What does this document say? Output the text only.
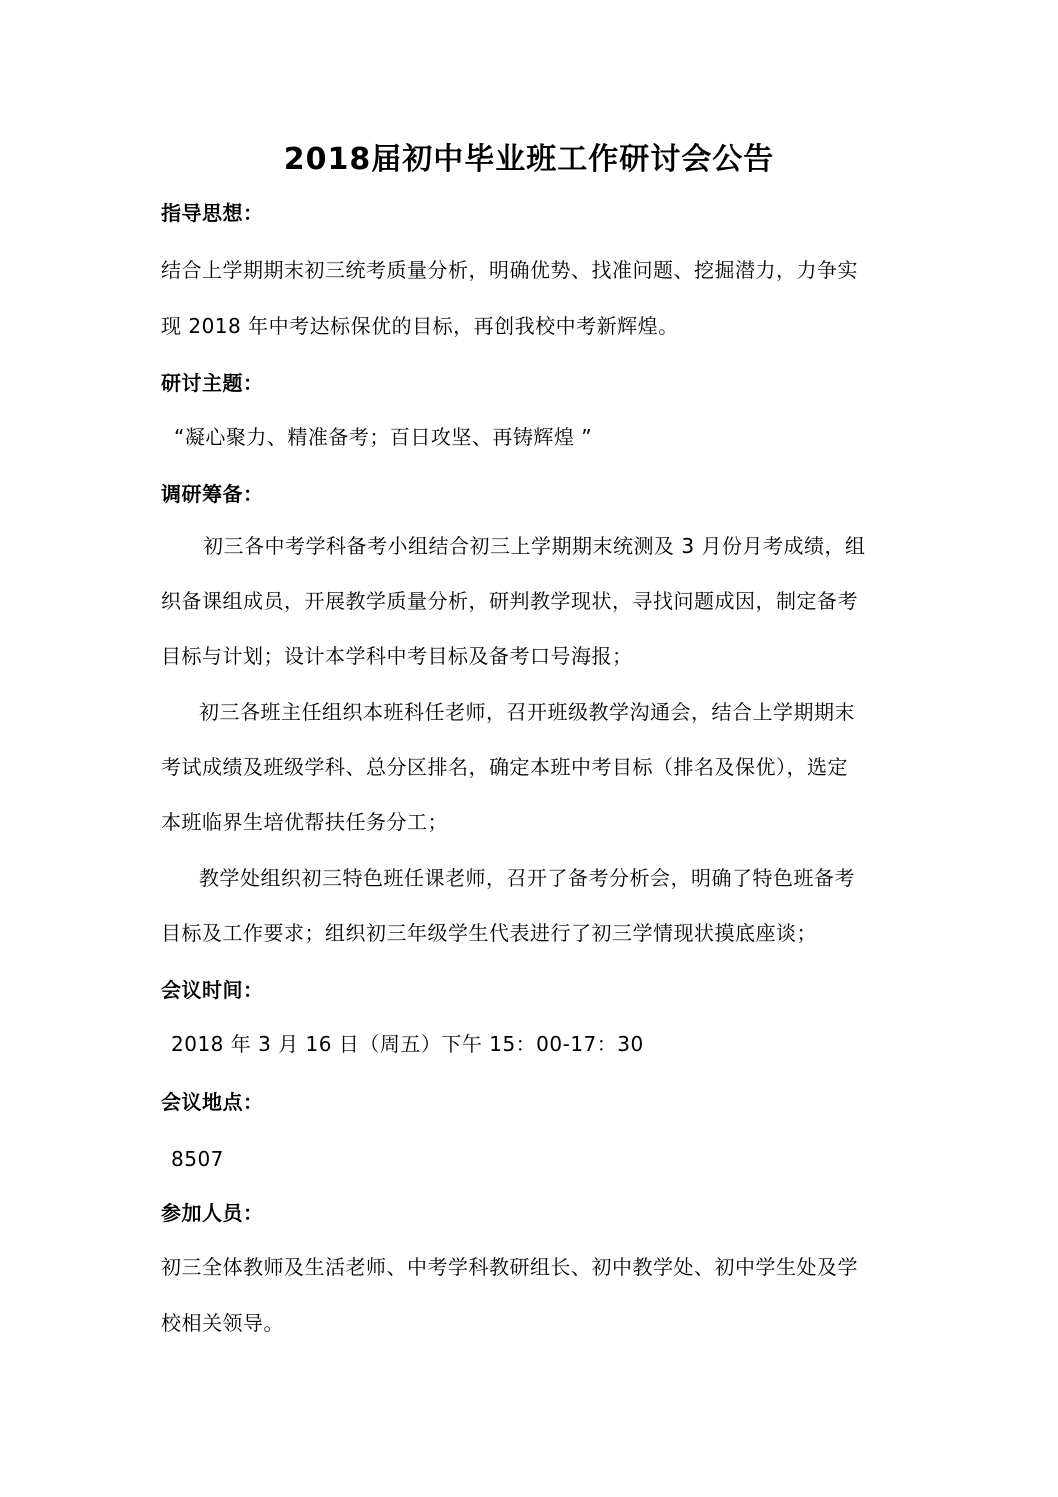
2018届初中毕业班工作研讨会公告
指导思想：
结合上学期期末初三统考质量分析，明确优势、找准问题、挖掘潜力，力争实
现 2018 年中考达标保优的目标，再创我校中考新辉煌。
研讨主题：
“凝心聚力、精准备考；百日攻坚、再铸辉煌 ”
调研筹备：
初三各中考学科备考小组结合初三上学期期末统测及 3 月份月考成绩，组
织备课组成员，开展教学质量分析，研判教学现状，寻找问题成因，制定备考
目标与计划；设计本学科中考目标及备考口号海报；
初三各班主任组织本班科任老师，召开班级教学沟通会，结合上学期期末
考试成绩及班级学科、总分区排名，确定本班中考目标（排名及保优），选定
本班临界生培优帮扶任务分工；
教学处组织初三特色班任课老师，召开了备考分析会，明确了特色班备考
目标及工作要求；组织初三年级学生代表进行了初三学情现状摸底座谈；
会议时间：
2018 年 3 月 16 日（周五）下午 15：00-17：30
会议地点：
8507
参加人员：
初三全体教师及生活老师、中考学科教研组长、初中教学处、初中学生处及学
校相关领导。
